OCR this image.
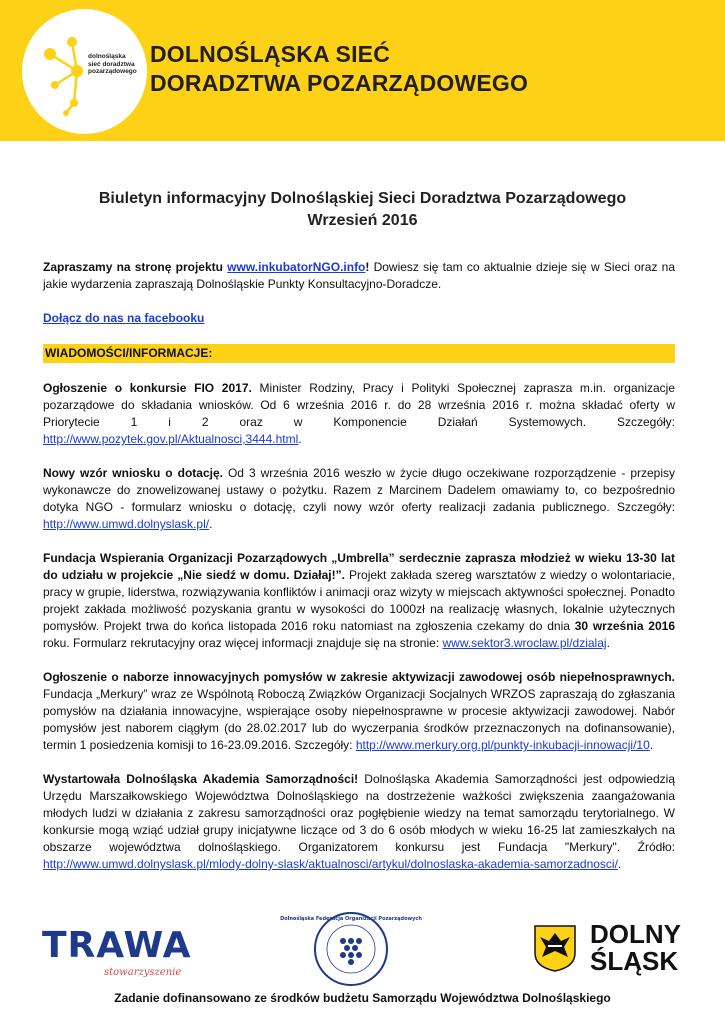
dolnośląska
sieć doradztwa
pozarządowego
DOLNOŚLĄSKA SIEĆ
DORADZTWA POZARZĄDOWEGO
Biuletyn informacyjny Dolnośląskiej Sieci Doradztwa Pozarządowego
Wrzesień 2016

Zapraszamy na stronę projektu www.inkubatorNGO.info! Dowiesz się tam co aktualnie dzieje się w Sieci oraz na jakie wydarzenia zapraszają Dolnośląskie Punkty Konsultacyjno-Doradcze.

Dołącz do nas na facebooku

WIADOMOŚCI/INFORMACJE:

Ogłoszenie o konkursie FIO 2017. Minister Rodziny, Pracy i Polityki Społecznej zaprasza m.in. organizacje pozarządowe do składania wniosków. Od 6 września 2016 r. do 28 września 2016 r. można składać oferty w Priorytecie 1 i 2 oraz w Komponencie Działań Systemowych. Szczegóły: http://www.pozytek.gov.pl/Aktualnosci,3444.html.

Nowy wzór wniosku o dotację. Od 3 września 2016 weszło w życie długo oczekiwane rozporządzenie - przepisy wykonawcze do znowelizowanej ustawy o pożytku. Razem z Marcinem Dadelem omawiamy to, co bezpośrednio dotyka NGO - formularz wniosku o dotację, czyli nowy wzór oferty realizacji zadania publicznego. Szczegóły: http://www.umwd.dolnyslask.pl/.

Fundacja Wspierania Organizacji Pozarządowych „Umbrella” serdecznie zaprasza młodzież w wieku 13-30 lat do udziału w projekcie „Nie siedź w domu. Działaj!”. Projekt zakłada szereg warsztatów z wiedzy o wolontariacie, pracy w grupie, liderstwa, rozwiązywania konfliktów i animacji oraz wizyty w miejscach aktywności społecznej. Ponadto projekt zakłada możliwość pozyskania grantu w wysokości do 1000zł na realizację własnych, lokalnie użytecznych pomysłów. Projekt trwa do końca listopada 2016 roku natomiast na zgłoszenia czekamy do dnia 30 września 2016 roku. Formularz rekrutacyjny oraz więcej informacji znajduje się na stronie: www.sektor3.wroclaw.pl/dzialaj.

Ogłoszenie o naborze innowacyjnych pomysłów w zakresie aktywizacji zawodowej osób niepełnosprawnych. Fundacja „Merkury” wraz ze Wspólnotą Roboczą Związków Organizacji Socjalnych WRZOS zapraszają do zgłaszania pomysłów na działania innowacyjne, wspierające osoby niepełnosprawne w procesie aktywizacji zawodowej. Nabór pomysłów jest naborem ciągłym (do 28.02.2017 lub do wyczerpania środków przeznaczonych na dofinansowanie), termin 1 posiedzenia komisji to 16-23.09.2016. Szczegóły: http://www.merkury.org.pl/punkty-inkubacji-innowacji/10.

Wystartowała Dolnośląska Akademia Samorządności! Dolnośląska Akademia Samorządności jest odpowiedzią Urzędu Marszałkowskiego Województwa Dolnośląskiego na dostrzeżenie ważkości zwiększenia zaangażowania młodych ludzi w działania z zakresu samorządności oraz pogłębienie wiedzy na temat samorządu terytorialnego. W konkursie mogą wziąć udział grupy inicjatywne liczące od 3 do 6 osób młodych w wieku 16-25 lat zamieszkałych na obszarze województwa dolnośląskiego. Organizatorem konkursu jest Fundacja "Merkury". Źródło: http://www.umwd.dolnyslask.pl/mlody-dolny-slask/aktualnosci/artykul/dolnoslaska-akademia-samorzadnosci/.

TRAWA
stowarzyszenie
Dolnośląska Federacja Organizacji Pozarządowych	DOLNY
ŚLĄSK
Zadanie dofinansowano ze środków budżetu Samorządu Województwa Dolnośląskiego
